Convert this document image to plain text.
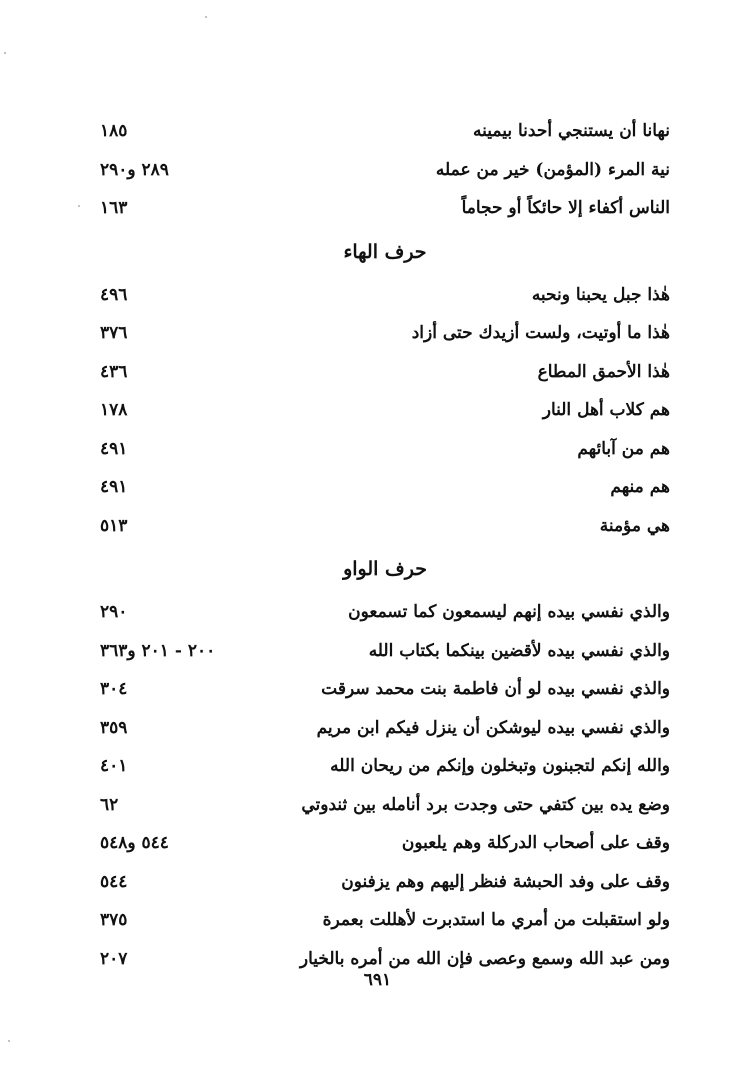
نهانا أن يستنجي أحدنا بيمينه
١٨٥
نية المرء (المؤمن) خير من عمله
٢٨٩ و٢٩٠
الناس أكفاء إلا حائكاً أو حجاماً
١٦٣
حرف الهاء
هٰذا جبل يحبنا ونحبه
٤٩٦
هٰذا ما أوتيت، ولست أزيدك حتى أزاد
٣٧٦
هٰذا الأحمق المطاع
٤٣٦
هم كلاب أهل النار
١٧٨
هم من آبائهم
٤٩١
هم منهم
٤٩١
هي مؤمنة
٥١٣
حرف الواو
والذي نفسي بيده إنهم ليسمعون كما تسمعون
٢٩٠
والذي نفسي بيده لأقضين بينكما بكتاب الله
٢٠٠ - ٢٠١ و٣٦٣
والذي نفسي بيده لو أن فاطمة بنت محمد سرقت
٣٠٤
والذي نفسي بيده ليوشكن أن ينزل فيكم ابن مريم
٣٥٩
والله إنكم لتجبنون وتبخلون وإنكم من ريحان الله
٤٠١
وضع يده بين كتفي حتى وجدت برد أنامله بين ثندوتي
٦٢
وقف على أصحاب الدركلة وهم يلعبون
٥٤٤ و٥٤٨
وقف على وفد الحبشة فنظر إليهم وهم يزفنون
٥٤٤
ولو استقبلت من أمري ما استدبرت لأهللت بعمرة
٣٧٥
ومن عبد الله وسمع وعصى فإن الله من أمره بالخيار
٢٠٧
٦٩١
